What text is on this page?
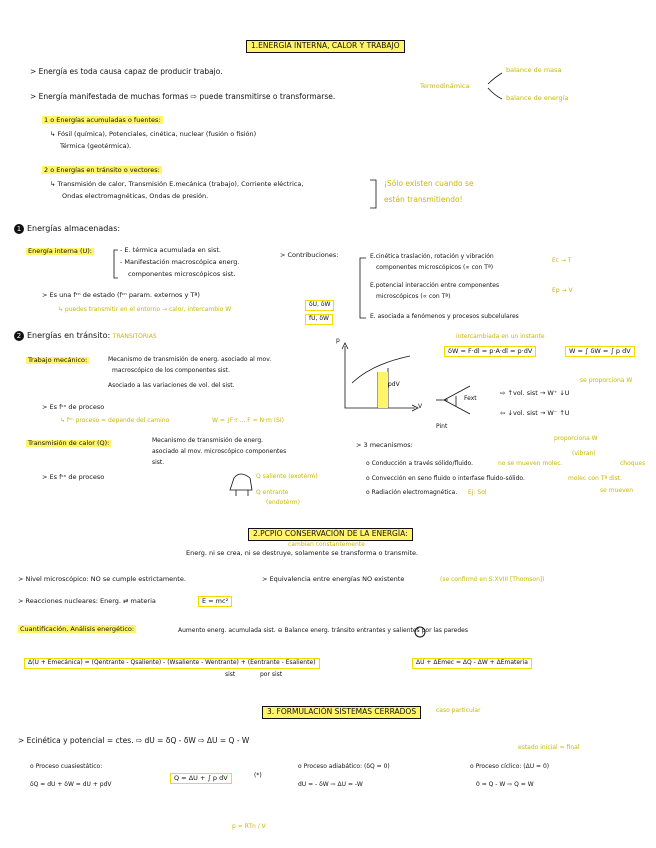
1.ENERGÍA INTERNA, CALOR Y TRABAJO
> Energía es toda causa capaz de producir trabajo.
> Energía manifestada de muchas formas ⇨ puede transmitirse o transformarse.
Termodinámica
balance de masa
balance de energía
1 o Energías acumuladas o fuentes:
↳ Fósil (química), Potenciales, cinética, nuclear (fusión o fisión)
Térmica (geotérmica).
2 o Energías en tránsito o vectores:
↳ Transmisión de calor, Transmisión E.mecánica (trabajo), Corriente eléctrica,
Ondas electromagnéticas, Ondas de presión.
¡Sólo existen cuando se
están transmitiendo!
1 Energías almacenadas:
Energía interna (U):	- E. térmica acumulada en sist.
- Manifestación macroscópica energ.
componentes microscópicos sist.
> Contribuciones:	E.cinética traslación, rotación y vibración
componentes microscópicos (∝ con Tª)
Ec → T
E.potencial interacción entre componentes
microscópicos (∝ con Tª)
Ep → V
E. asociada a fenómenos y procesos subcelulares
> Es una fᶜⁿ de estado (fᶜⁿ param. externos y Tª)
↳ puedes transmitir en el entorno → calor, intercambio W
δU, δW
fU, δW
2 Energías en tránsito: TRANSITORIAS
Trabajo mecánico:	Mecanismo de transmisión de energ. asociado al mov.
macroscópico de los componentes sist.
Asociado a las variaciones de vol. del sist.
> Es fᶜⁿ de proceso
↳ fᶜⁿ proceso = depende del camino	W = ∫F·r ... F = N·m (SI)
intercambiada en un instante
δW = F·dl = p·A·dl = p·dV	W = ∫ δW = ∫ p dV
p
V
pdV
Fext
Pint
⇨ ↑vol. sist → W⁺ ↓U
⇦ ↓vol. sist → W⁻ ↑U
se proporciona W
proporciona W
Transmisión de calor (Q):	Mecanismo de transmisión de energ.
asociado al mov. microscópico componentes
sist.
> Es fᶜⁿ de proceso	Q saliente (exotérm)
Q entrante
(endotérm)
> 3 mecanismos:
o Conducción a través sólido/fluido.	no se mueven molec.
(vibran)
choques
o Convección en seno fluido o interfase fluido-sólido.	molec con Tª dist.
se mueven
o Radiación electromagnética. Ej: Sol
2.PCPIO CONSERVACIÓN DE LA ENERGÍA:
cambian constantemente
Energ. ni se crea, ni se destruye, solamente se transforma o transmite.
> Nivel microscópico: NO se cumple estrictamente.	> Equivalencia entre energías NO existente	(se confirmó en S.XVIII [Thomson])
> Reacciones nucleares: Energ. ⇄ materia	E = mc²
Cuantificación, Análisis energético:	Aumento energ. acumulada sist. ⊖ Balance energ. tránsito entrantes y salientes por las paredes
Δ(U + Emecánica) = (Qentrante - Qsaliente) - (Wsaliente - Wentrante) + (Eentrante - Esaliente)	ΔU + ΔEmec = ΔQ - ΔW + ΔEmateria
sist	por sist
3. FORMULACIÓN SISTEMAS CERRADOS	caso particular
> Ecinética y potencial = ctes. ⇨ dU = δQ - δW ⇨ ΔU = Q - W
o Proceso cuasiestático:
δQ = dU + δW = dU + pdV
Q = ΔU + ∫ p dV	(*)
p = RTn / V
o Proceso adiabático: (δQ = 0)
dU = - δW ⇨ ΔU = -W
estado inicial = final
o Proceso cíclico: (ΔU = 0)
0 = Q - W ⇨ Q = W
